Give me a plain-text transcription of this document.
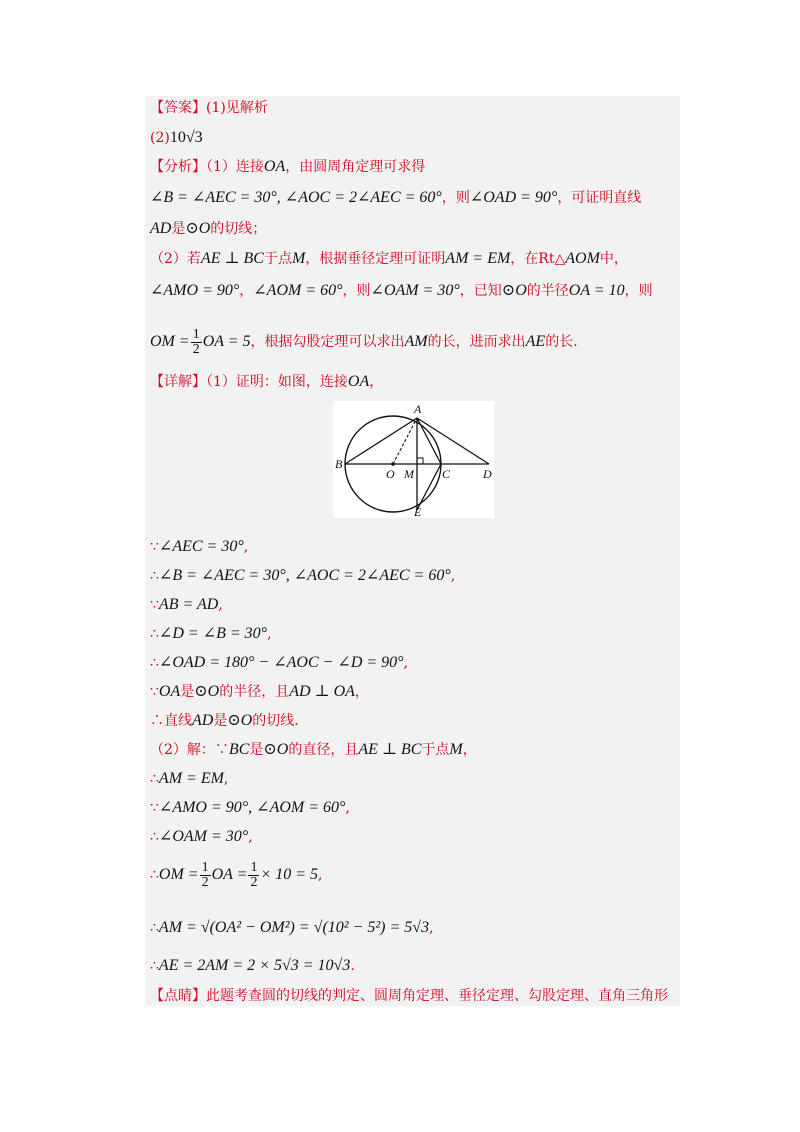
【答案】(1)见解析
(2)10√3
【分析】（1）连接OA，由圆周角定理可求得
∠B = ∠AEC = 30°, ∠AOC = 2∠AEC = 60°，则∠OAD = 90°，可证明直线
AD是⊙O的切线；
（2）若AE ⊥ BC于点M，根据垂径定理可证明AM = EM，在Rt△AOM中，
∠AMO = 90°，∠AOM = 60°，则∠OAM = 30°，已知⊙O的半径OA = 10，则
OM = $\frac{1}{2}$ OA = 5，根据勾股定理可以求出AM的长，进而求出AE的长.
【详解】（1）证明：如图，连接OA，
A
B
O M C	D
E
∵∠AEC = 30°,
∴∠B = ∠AEC = 30°, ∠AOC = 2∠AEC = 60°,
∵AB = AD,
∴∠D = ∠B = 30°,
∴∠OAD = 180° − ∠AOC − ∠D = 90°,
∵OA是⊙O的半径，且AD ⊥ OA，
∴直线AD是⊙O的切线.
（2）解：∵BC是⊙O的直径，且AE ⊥ BC于点M，
∴AM = EM,
∵∠AMO = 90°, ∠AOM = 60°,
∴∠OAM = 30°,
∴OM = $\frac{1}{2}$ OA = $\frac{1}{2} \times 10 = 5$,
∴AM = √(OA² − OM²) = √(10² − 5²) = 5√3,
∴AE = 2AM = 2 × 5√3 = 10√3.
【点睛】此题考查圆的切线的判定、圆周角定理、垂径定理、勾股定理、直角三角形
